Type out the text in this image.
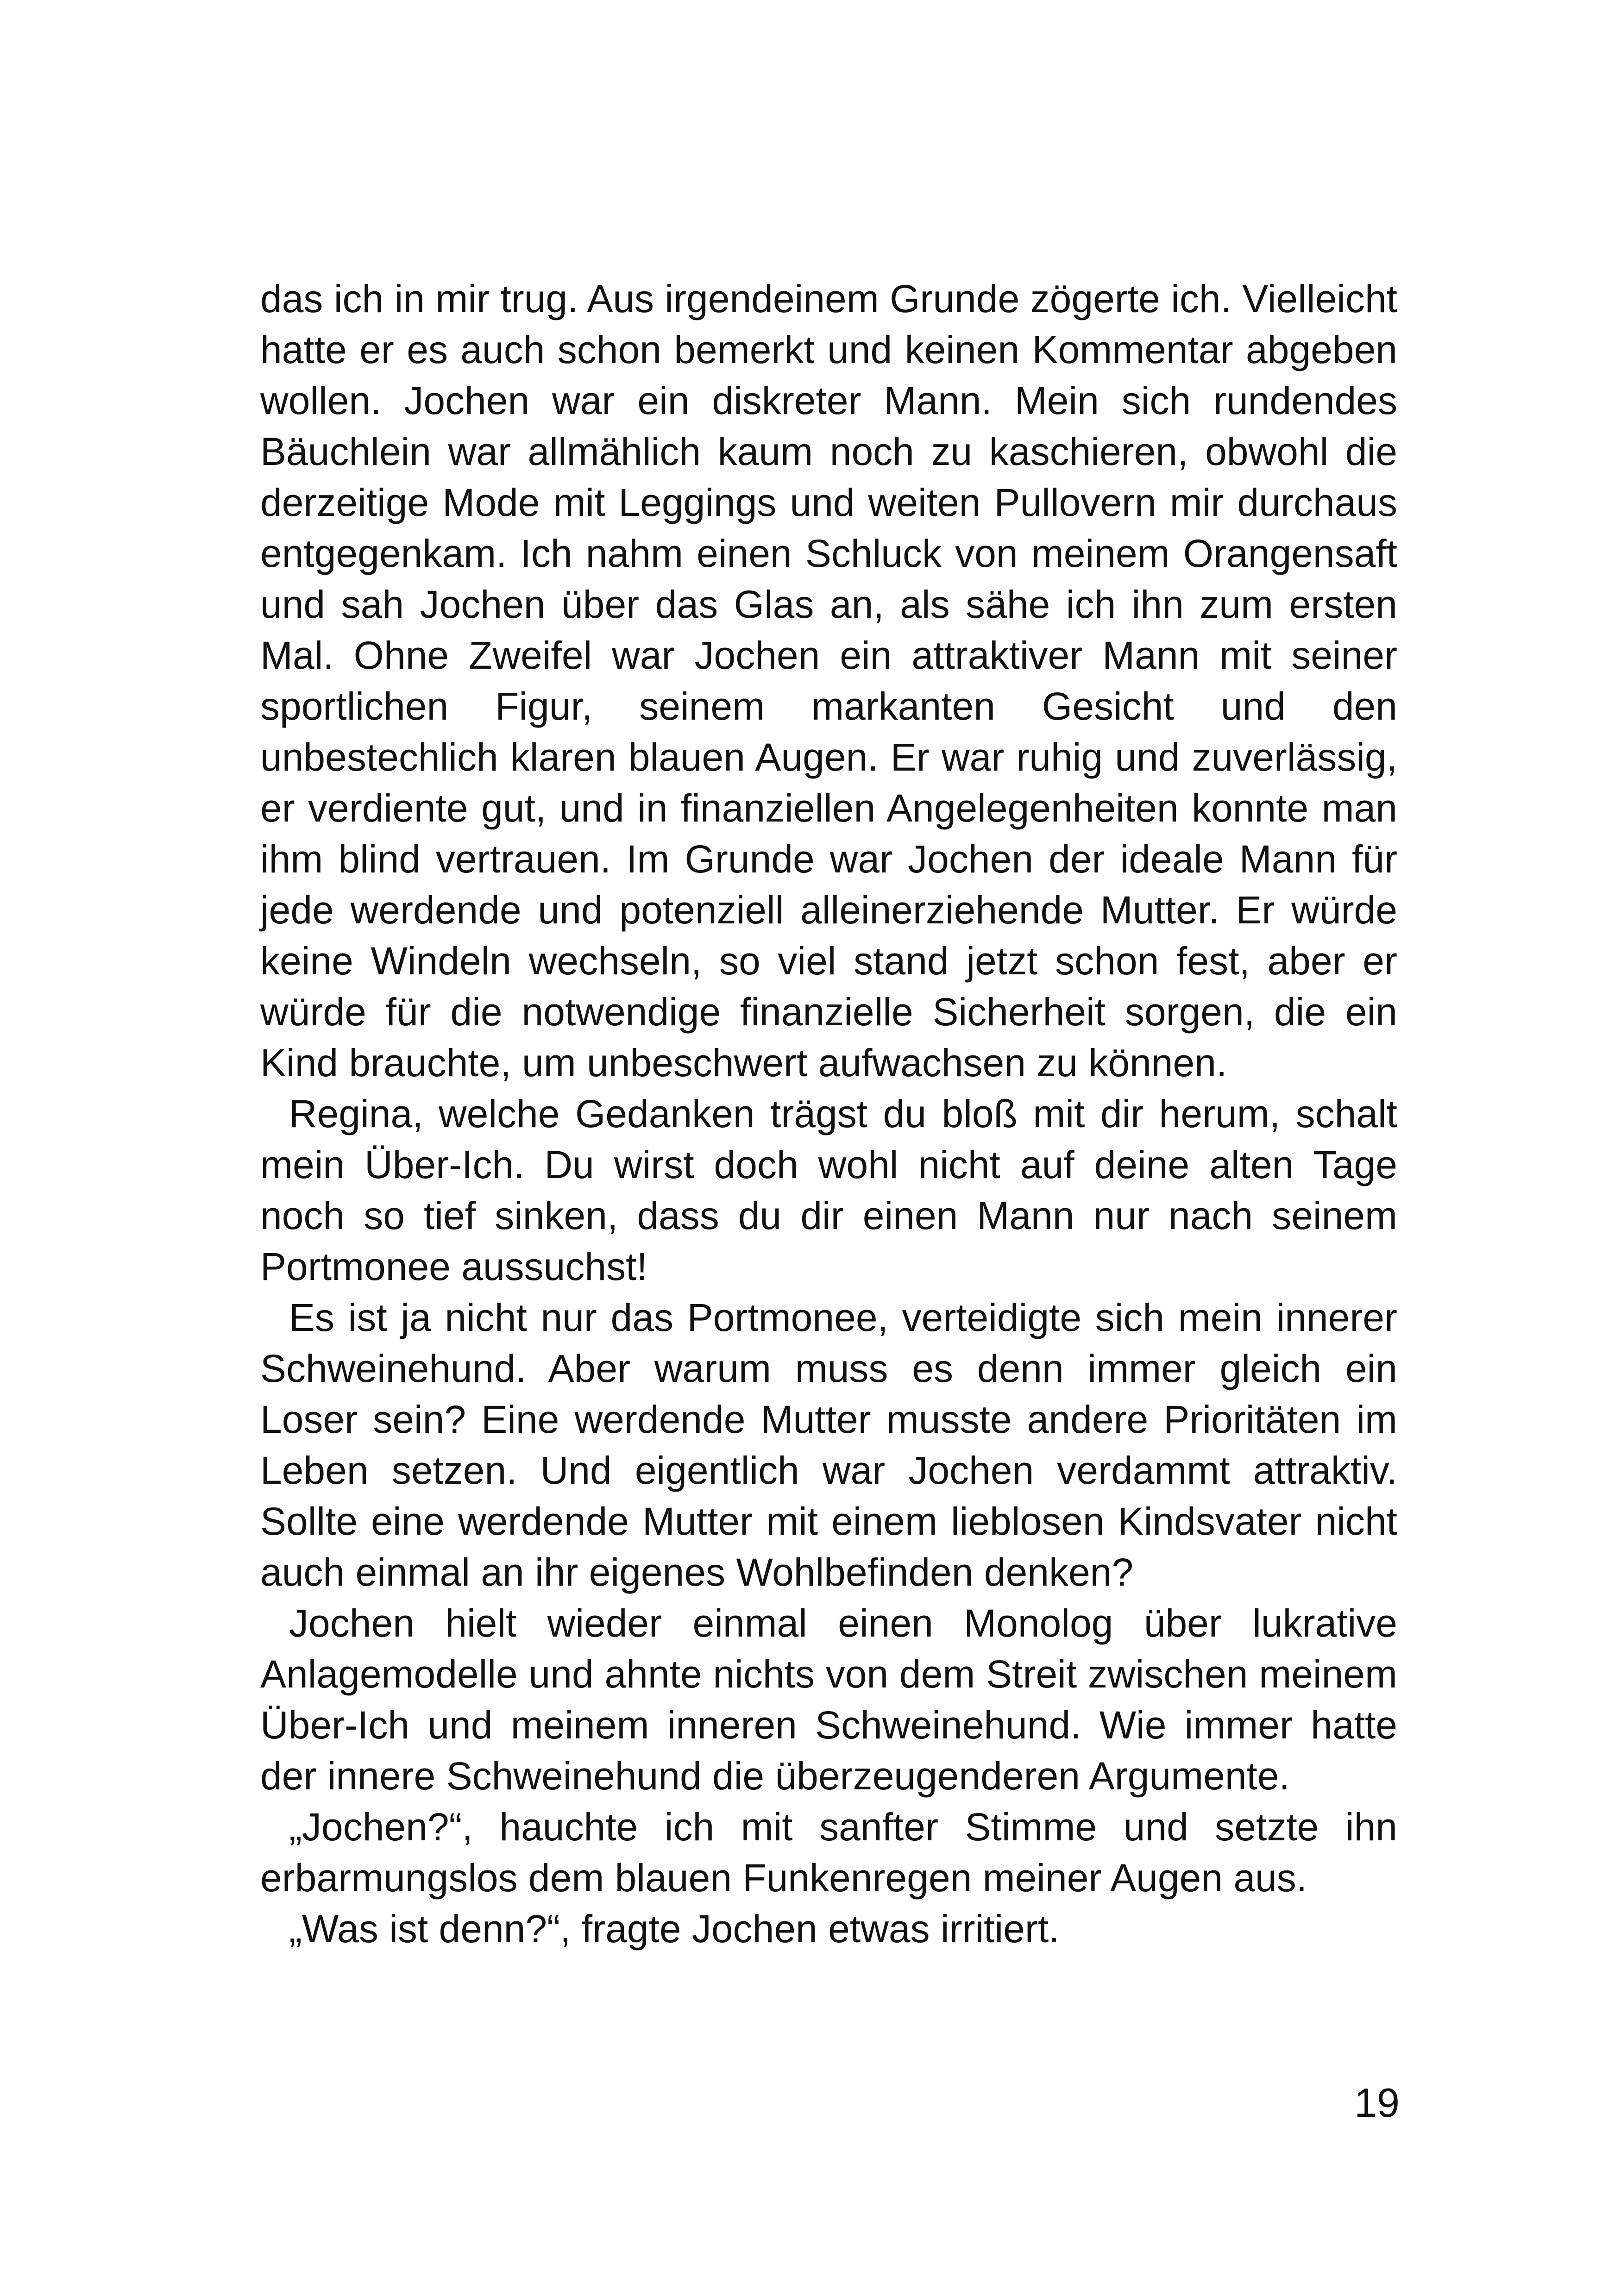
das ich in mir trug. Aus irgendeinem Grunde zögerte ich. Vielleicht hatte er es auch schon bemerkt und keinen Kommentar abgeben wollen. Jochen war ein diskreter Mann. Mein sich rundendes Bäuchlein war allmählich kaum noch zu kaschieren, obwohl die derzeitige Mode mit Leggings und weiten Pullovern mir durchaus entgegenkam. Ich nahm einen Schluck von meinem Orangensaft und sah Jochen über das Glas an, als sähe ich ihn zum ersten Mal. Ohne Zweifel war Jochen ein attraktiver Mann mit seiner sportlichen Figur, seinem markanten Gesicht und den unbestechlich klaren blauen Augen. Er war ruhig und zuverlässig, er verdiente gut, und in finanziellen Angelegenheiten konnte man ihm blind vertrauen. Im Grunde war Jochen der ideale Mann für jede werdende und potenziell alleinerziehende Mutter. Er würde keine Windeln wechseln, so viel stand jetzt schon fest, aber er würde für die notwendige finanzielle Sicherheit sorgen, die ein Kind brauchte, um unbeschwert aufwachsen zu können.

Regina, welche Gedanken trägst du bloß mit dir herum, schalt mein Über-Ich. Du wirst doch wohl nicht auf deine alten Tage noch so tief sinken, dass du dir einen Mann nur nach seinem Portmonee aussuchst!

Es ist ja nicht nur das Portmonee, verteidigte sich mein innerer Schweinehund. Aber warum muss es denn immer gleich ein Loser sein? Eine werdende Mutter musste andere Prioritäten im Leben setzen. Und eigentlich war Jochen verdammt attraktiv. Sollte eine werdende Mutter mit einem lieblosen Kindsvater nicht auch einmal an ihr eigenes Wohlbefinden denken?

Jochen hielt wieder einmal einen Monolog über lukrative Anlagemodelle und ahnte nichts von dem Streit zwischen meinem Über-Ich und meinem inneren Schweinehund. Wie immer hatte der innere Schweinehund die überzeugenderen Argumente.

„Jochen?“, hauchte ich mit sanfter Stimme und setzte ihn erbarmungslos dem blauen Funkenregen meiner Augen aus.

„Was ist denn?“, fragte Jochen etwas irritiert.

19
